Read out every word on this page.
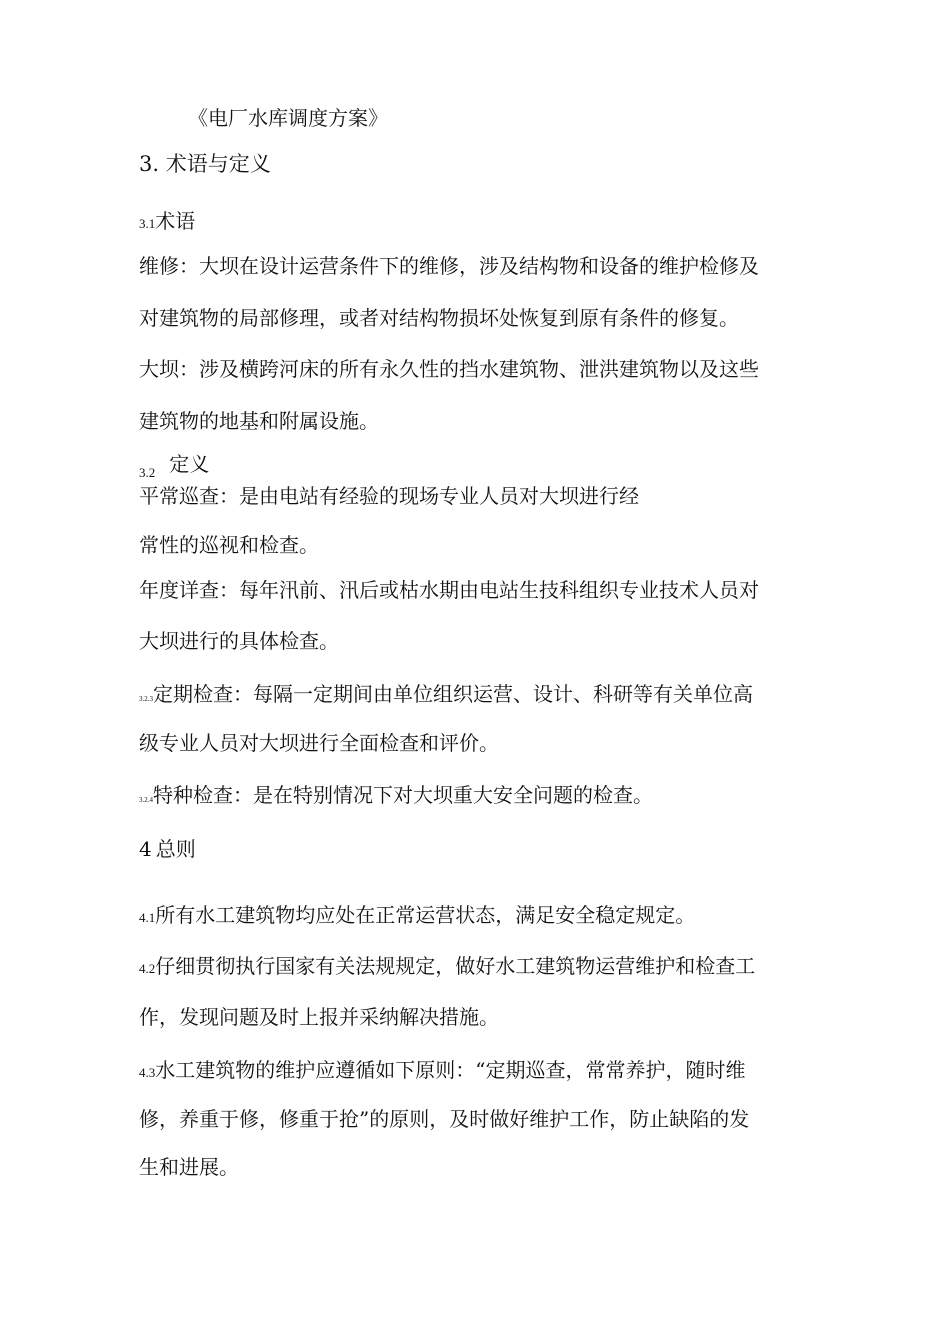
《电厂水库调度方案》
3. 术语与定义
3.1术语
维修：大坝在设计运营条件下的维修，涉及结构物和设备的维护检修及
对建筑物的局部修理，或者对结构物损坏处恢复到原有条件的修复。
大坝：涉及横跨河床的所有永久性的挡水建筑物、泄洪建筑物以及这些
建筑物的地基和附属设施。
$_{3.2}$ 定义
平常巡查：是由电站有经验的现场专业人员对大坝进行经
常性的巡视和检查。
年度详查：每年汛前、汛后或枯水期由电站生技科组织专业技术人员对
大坝进行的具体检查。
3.2.3定期检查：每隔一定期间由单位组织运营、设计、科研等有关单位高
级专业人员对大坝进行全面检查和评价。
3.2.4特种检查：是在特别情况下对大坝重大安全问题的检查。
4 总则
4.1所有水工建筑物均应处在正常运营状态，满足安全稳定规定。
4.2仔细贯彻执行国家有关法规规定，做好水工建筑物运营维护和检查工
作，发现问题及时上报并采纳解决措施。
4.3水工建筑物的维护应遵循如下原则：“定期巡查，常常养护，随时维
修，养重于修，修重于抢”的原则，及时做好维护工作，防止缺陷的发
生和进展。
